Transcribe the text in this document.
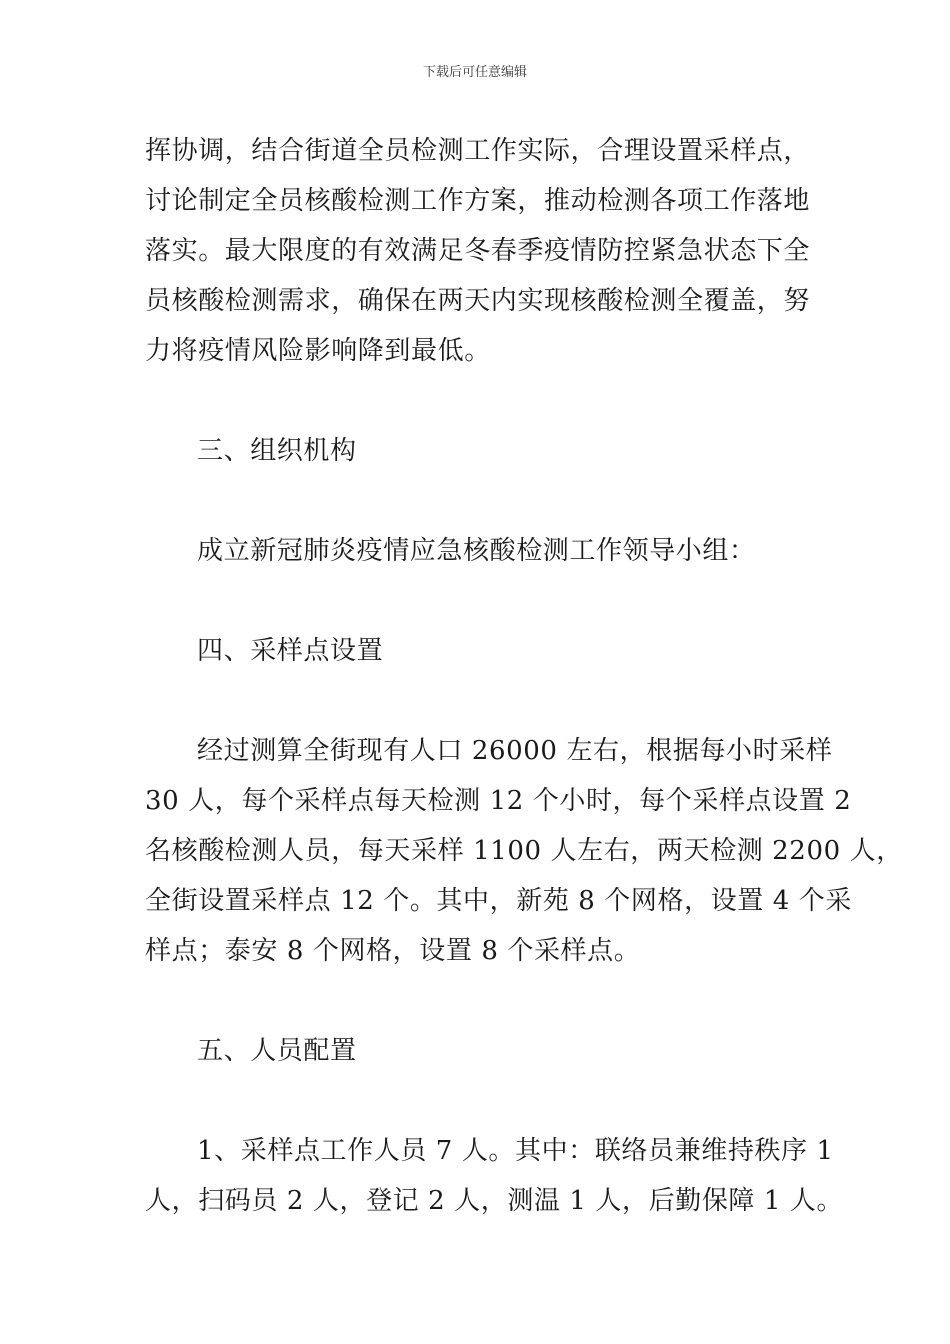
下载后可任意编辑

挥协调，结合街道全员检测工作实际，合理设置采样点，
讨论制定全员核酸检测工作方案，推动检测各项工作落地
落实。最大限度的有效满足冬春季疫情防控紧急状态下全
员核酸检测需求，确保在两天内实现核酸检测全覆盖，努
力将疫情风险影响降到最低。

三、组织机构

成立新冠肺炎疫情应急核酸检测工作领导小组：

四、采样点设置

经过测算全街现有人口 26000 左右，根据每小时采样
30 人，每个采样点每天检测 12 个小时，每个采样点设置 2
名核酸检测人员，每天采样 1100 人左右，两天检测 2200 人，
全街设置采样点 12 个。其中，新苑 8 个网格，设置 4 个采
样点；泰安 8 个网格，设置 8 个采样点。

五、人员配置

1、采样点工作人员 7 人。其中：联络员兼维持秩序 1
人，扫码员 2 人，登记 2 人，测温 1 人，后勤保障 1 人。
